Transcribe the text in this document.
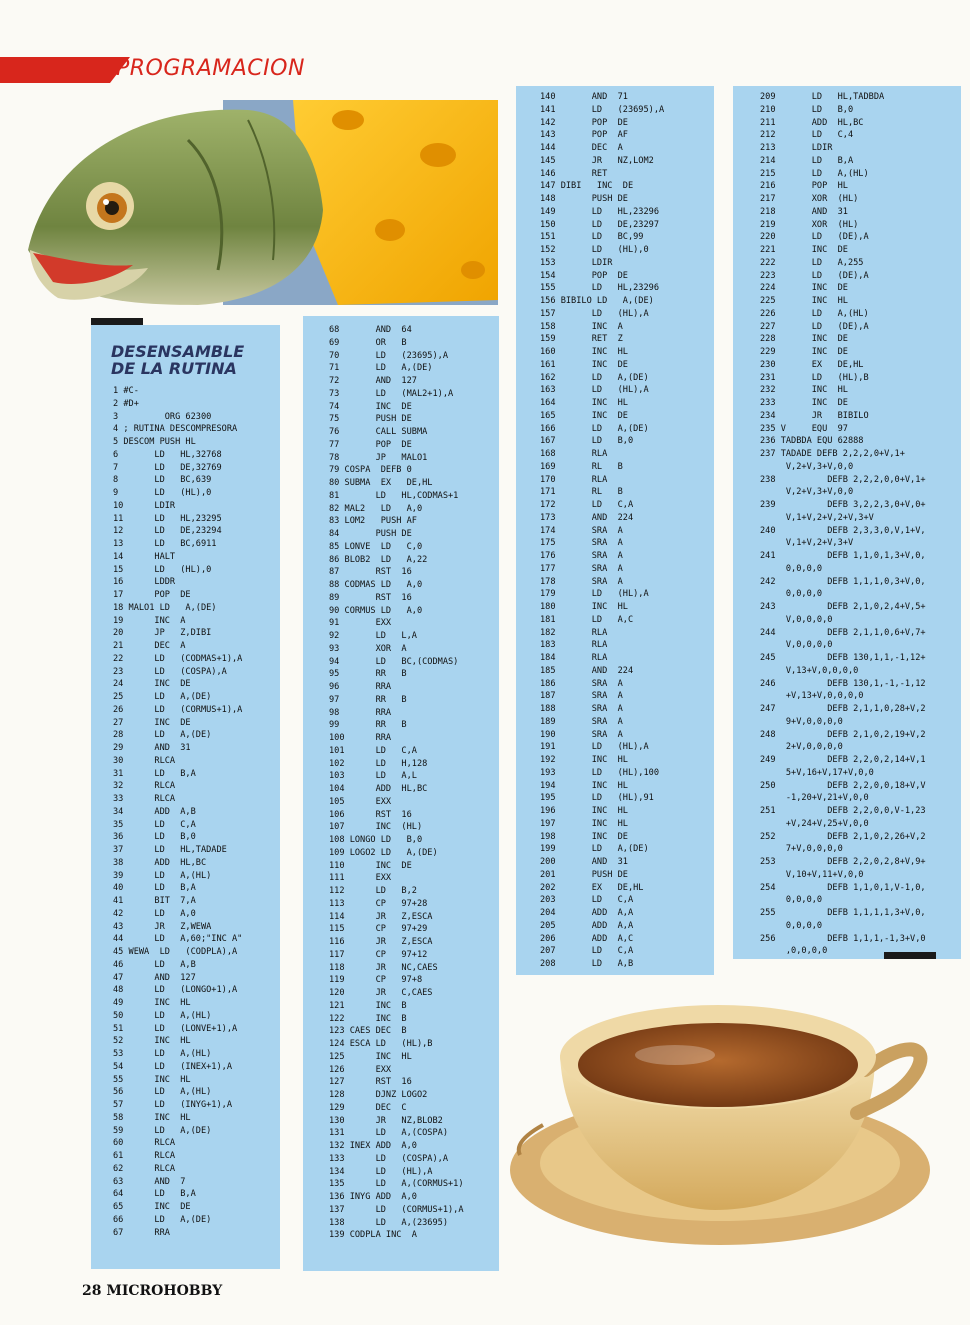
PROGRAMACION
1 #C-
2 #D+
3         ORG 62300
4 ; RUTINA DESCOMPRESORA
5 DESCOM PUSH HL
6       LD   HL,32768
7       LD   DE,32769
8       LD   BC,639
9       LD   (HL),0
10      LDIR
11      LD   HL,23295
12      LD   DE,23294
13      LD   BC,6911
14      HALT
15      LD   (HL),0
16      LDDR
17      POP  DE
18 MALO1 LD   A,(DE)
19      INC  A
20      JP   Z,DIBI
21      DEC  A
22      LD   (CODMAS+1),A
23      LD   (COSPA),A
24      INC  DE
25      LD   A,(DE)
26      LD   (CORMUS+1),A
27      INC  DE
28      LD   A,(DE)
29      AND  31
30      RLCA
31      LD   B,A
32      RLCA
33      RLCA
34      ADD  A,B
35      LD   C,A
36      LD   B,0
37      LD   HL,TADADE
38      ADD  HL,BC
39      LD   A,(HL)
40      LD   B,A
41      BIT  7,A
42      LD   A,0
43      JR   Z,WEWA
44      LD   A,60;"INC A"
45 WEWA  LD   (CODPLA),A
46      LD   A,B
47      AND  127
48      LD   (LONGO+1),A
49      INC  HL
50      LD   A,(HL)
51      LD   (LONVE+1),A
52      INC  HL
53      LD   A,(HL)
54      LD   (INEX+1),A
55      INC  HL
56      LD   A,(HL)
57      LD   (INYG+1),A
58      INC  HL
59      LD   A,(DE)
60      RLCA
61      RLCA
62      RLCA
63      AND  7
64      LD   B,A
65      INC  DE
66      LD   A,(DE)
67      RRA
DESENSAMBLE
DE LA RUTINA
68       AND  64
69       OR   B
70       LD   (23695),A
71       LD   A,(DE)
72       AND  127
73       LD   (MAL2+1),A
74       INC  DE
75       PUSH DE
76       CALL SUBMA
77       POP  DE
78       JP   MALO1
79 COSPA  DEFB 0
80 SUBMA  EX   DE,HL
81       LD   HL,CODMAS+1
82 MAL2   LD   A,0
83 LOM2   PUSH AF
84       PUSH DE
85 LONVE  LD   C,0
86 BLOB2  LD   A,22
87       RST  16
88 CODMAS LD   A,0
89       RST  16
90 CORMUS LD   A,0
91       EXX
92       LD   L,A
93       XOR  A
94       LD   BC,(CODMAS)
95       RR   B
96       RRA
97       RR   B
98       RRA
99       RR   B
100      RRA
101      LD   C,A
102      LD   H,128
103      LD   A,L
104      ADD  HL,BC
105      EXX
106      RST  16
107      INC  (HL)
108 LONGO LD   B,0
109 LOGO2 LD   A,(DE)
110      INC  DE
111      EXX
112      LD   B,2
113      CP   97+28
114      JR   Z,ESCA
115      CP   97+29
116      JR   Z,ESCA
117      CP   97+12
118      JR   NC,CAES
119      CP   97+8
120      JR   C,CAES
121      INC  B
122      INC  B
123 CAES DEC  B
124 ESCA LD   (HL),B
125      INC  HL
126      EXX
127      RST  16
128      DJNZ LOGO2
129      DEC  C
130      JR   NZ,BLOB2
131      LD   A,(COSPA)
132 INEX ADD  A,0
133      LD   (COSPA),A
134      LD   (HL),A
135      LD   A,(CORMUS+1)
136 INYG ADD  A,0
137      LD   (CORMUS+1),A
138      LD   A,(23695)
139 CODPLA INC  A
140       AND  71
141       LD   (23695),A
142       POP  DE
143       POP  AF
144       DEC  A
145       JR   NZ,LOM2
146       RET
147 DIBI   INC  DE
148       PUSH DE
149       LD   HL,23296
150       LD   DE,23297
151       LD   BC,99
152       LD   (HL),0
153       LDIR
154       POP  DE
155       LD   HL,23296
156 BIBILO LD   A,(DE)
157       LD   (HL),A
158       INC  A
159       RET  Z
160       INC  HL
161       INC  DE
162       LD   A,(DE)
163       LD   (HL),A
164       INC  HL
165       INC  DE
166       LD   A,(DE)
167       LD   B,0
168       RLA
169       RL   B
170       RLA
171       RL   B
172       LD   C,A
173       AND  224
174       SRA  A
175       SRA  A
176       SRA  A
177       SRA  A
178       SRA  A
179       LD   (HL),A
180       INC  HL
181       LD   A,C
182       RLA
183       RLA
184       RLA
185       AND  224
186       SRA  A
187       SRA  A
188       SRA  A
189       SRA  A
190       SRA  A
191       LD   (HL),A
192       INC  HL
193       LD   (HL),100
194       INC  HL
195       LD   (HL),91
196       INC  HL
197       INC  HL
198       INC  DE
199       LD   A,(DE)
200       AND  31
201       PUSH DE
202       EX   DE,HL
203       LD   C,A
204       ADD  A,A
205       ADD  A,A
206       ADD  A,C
207       LD   C,A
208       LD   A,B
209       LD   HL,TADBDA
210       LD   B,0
211       ADD  HL,BC
212       LD   C,4
213       LDIR
214       LD   B,A
215       LD   A,(HL)
216       POP  HL
217       XOR  (HL)
218       AND  31
219       XOR  (HL)
220       LD   (DE),A
221       INC  DE
222       LD   A,255
223       LD   (DE),A
224       INC  DE
225       INC  HL
226       LD   A,(HL)
227       LD   (DE),A
228       INC  DE
229       INC  DE
230       EX   DE,HL
231       LD   (HL),B
232       INC  HL
233       INC  DE
234       JR   BIBILO
235 V     EQU  97
236 TADBDA EQU 62888
237 TADADE DEFB 2,2,2,0+V,1+
V,2+V,3+V,0,0
238          DEFB 2,2,2,0,0+V,1+
V,2+V,3+V,0,0
239          DEFB 3,2,2,3,0+V,0+
V,1+V,2+V,2+V,3+V
240          DEFB 2,3,3,0,V,1+V,
V,1+V,2+V,3+V
241          DEFB 1,1,0,1,3+V,0,
0,0,0,0
242          DEFB 1,1,1,0,3+V,0,
0,0,0,0
243          DEFB 2,1,0,2,4+V,5+
V,0,0,0,0
244          DEFB 2,1,1,0,6+V,7+
V,0,0,0,0
245          DEFB 130,1,1,-1,12+
V,13+V,0,0,0,0
246          DEFB 130,1,-1,-1,12
+V,13+V,0,0,0,0
247          DEFB 2,1,1,0,28+V,2
9+V,0,0,0,0
248          DEFB 2,1,0,2,19+V,2
2+V,0,0,0,0
249          DEFB 2,2,0,2,14+V,1
5+V,16+V,17+V,0,0
250          DEFB 2,2,0,0,18+V,V
-1,20+V,21+V,0,0
251          DEFB 2,2,0,0,V-1,23
+V,24+V,25+V,0,0
252          DEFB 2,1,0,2,26+V,2
7+V,0,0,0,0
253          DEFB 2,2,0,2,8+V,9+
V,10+V,11+V,0,0
254          DEFB 1,1,0,1,V-1,0,
0,0,0,0
255          DEFB 1,1,1,1,3+V,0,
0,0,0,0
256          DEFB 1,1,1,-1,3+V,0
,0,0,0,0
28 MICROHOBBY
